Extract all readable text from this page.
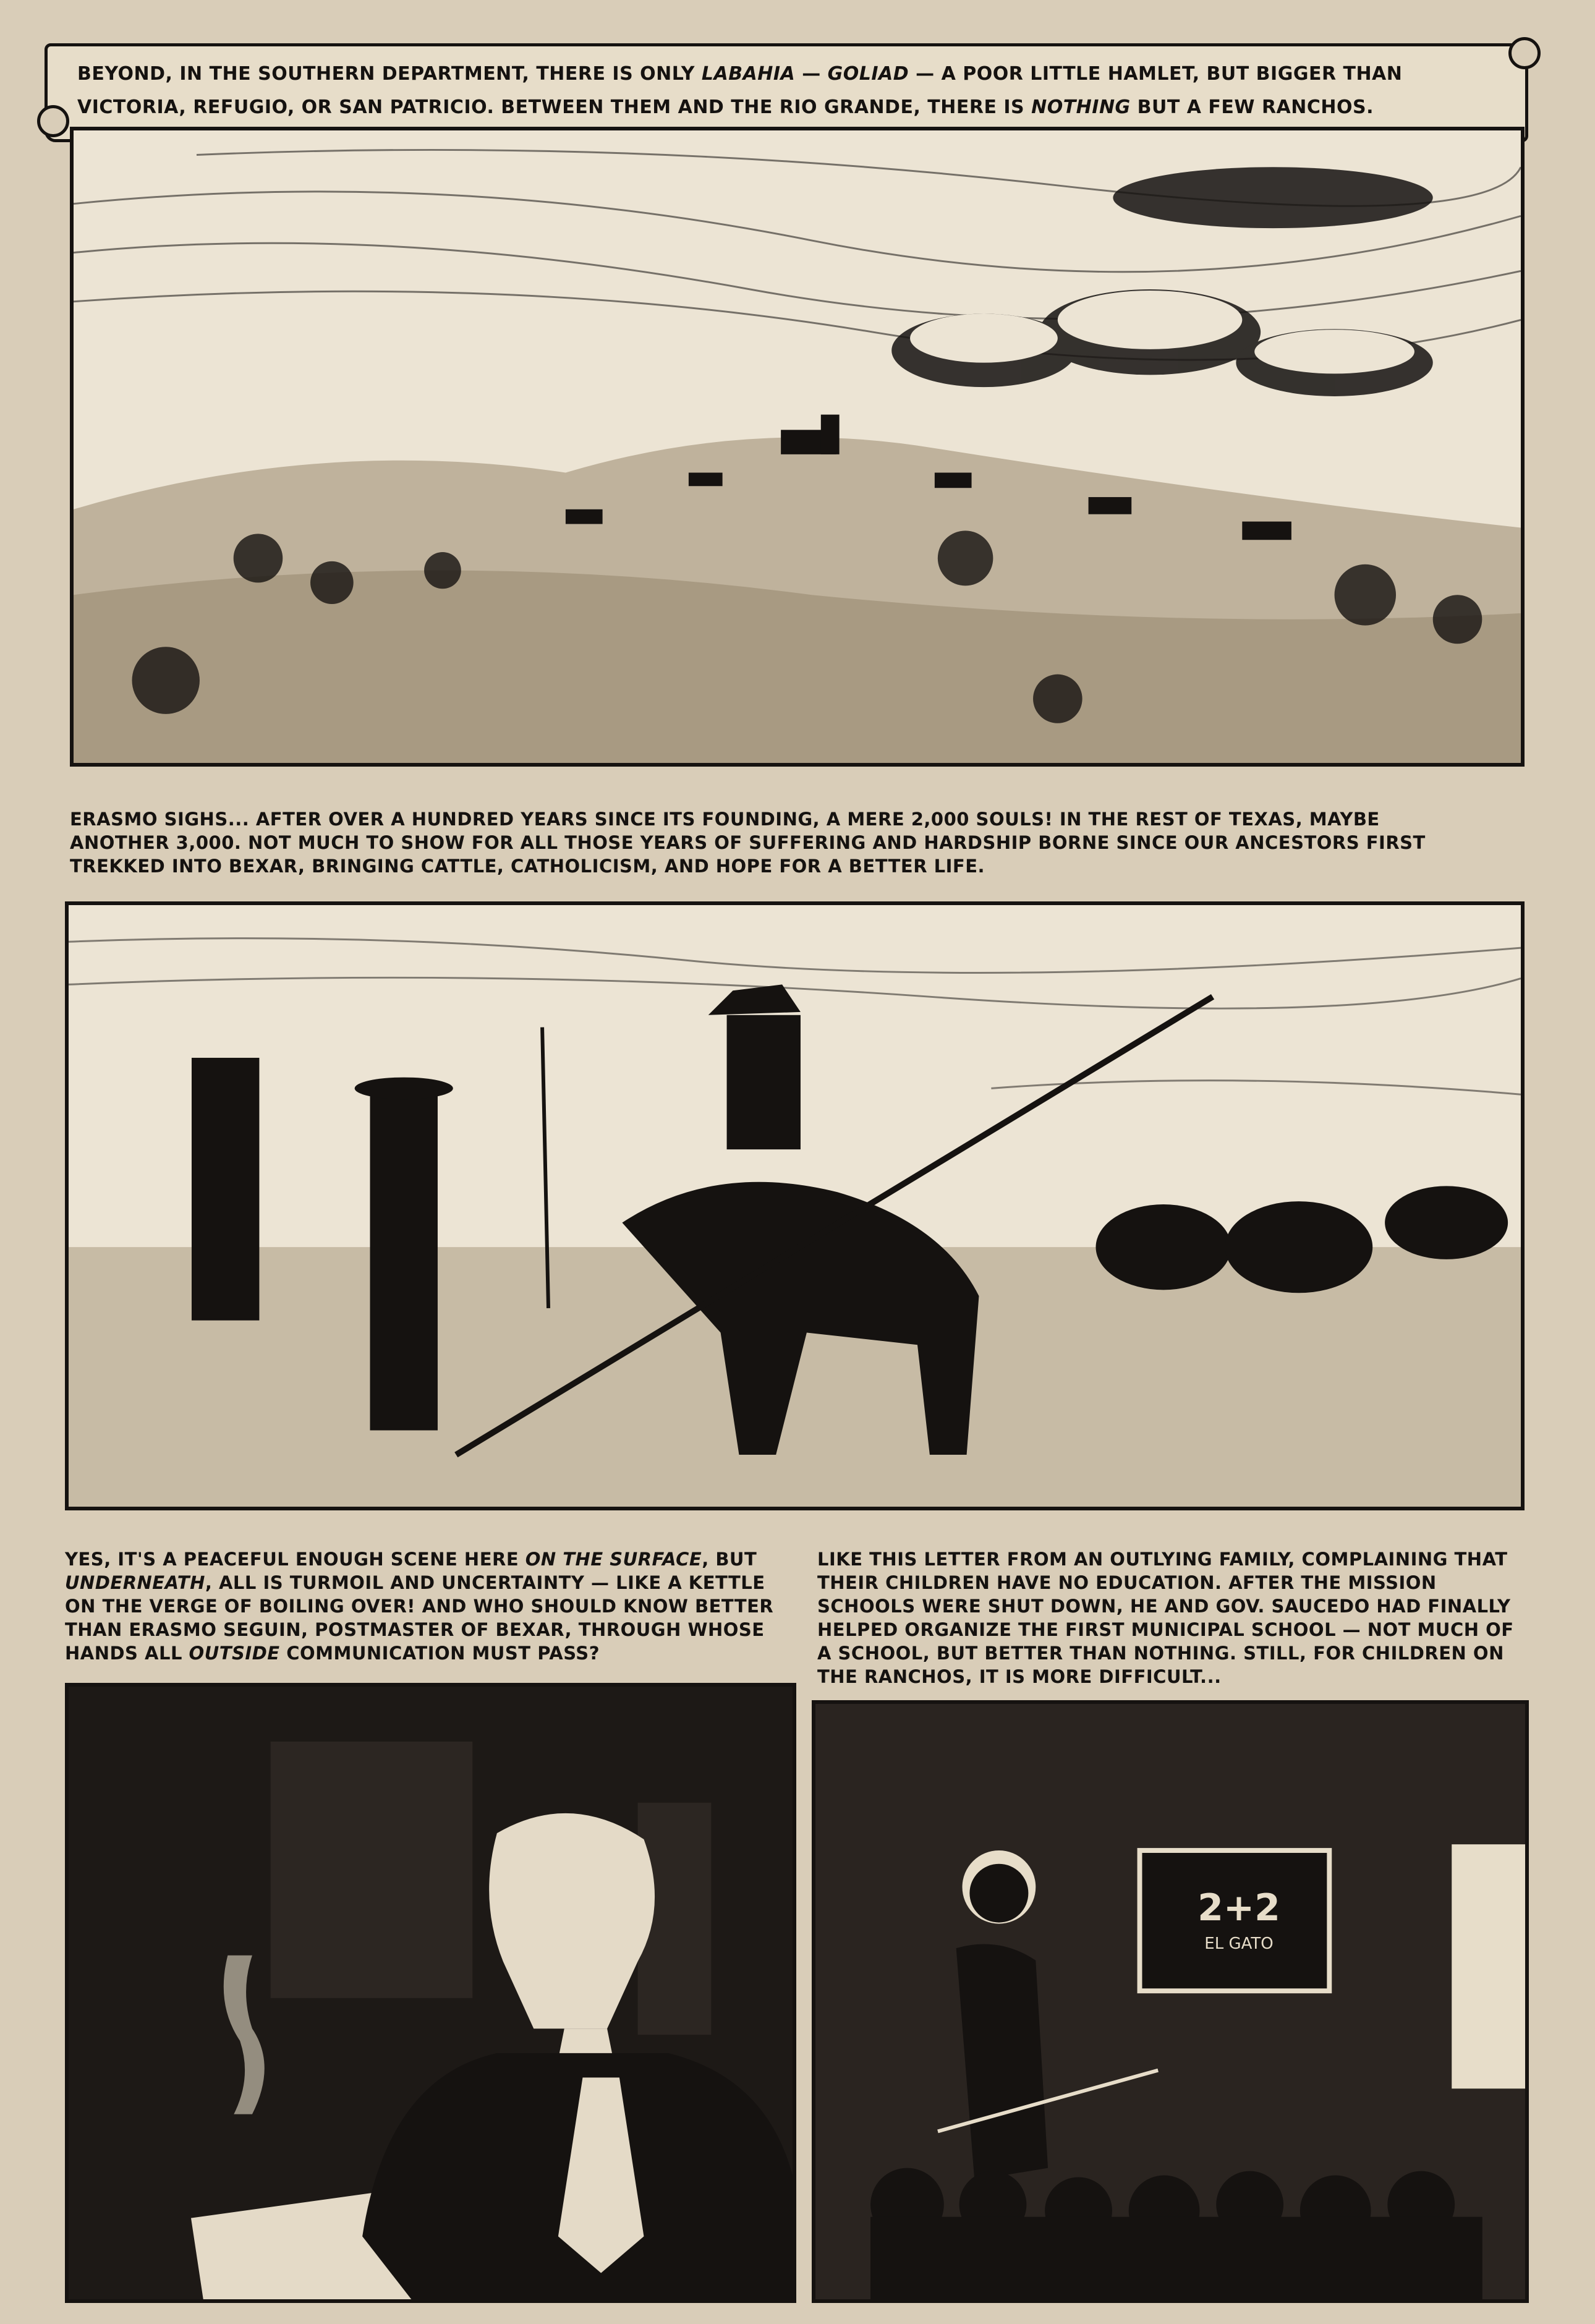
BEYOND, IN THE SOUTHERN DEPARTMENT, THERE IS ONLY LABAHIA — GOLIAD — A POOR LITTLE HAMLET, BUT BIGGER THAN VICTORIA, REFUGIO, OR SAN PATRICIO. BETWEEN THEM AND THE RIO GRANDE, THERE IS NOTHING BUT A FEW RANCHOS.

ERASMO SIGHS... AFTER OVER A HUNDRED YEARS SINCE ITS FOUNDING, A MERE 2,000 SOULS! IN THE REST OF TEXAS, MAYBE ANOTHER 3,000. NOT MUCH TO SHOW FOR ALL THOSE YEARS OF SUFFERING AND HARDSHIP BORNE SINCE OUR ANCESTORS FIRST TREKKED INTO BEXAR, BRINGING CATTLE, CATHOLICISM, AND HOPE FOR A BETTER LIFE.

YES, IT'S A PEACEFUL ENOUGH SCENE HERE ON THE SURFACE, BUT UNDERNEATH, ALL IS TURMOIL AND UNCERTAINTY — LIKE A KETTLE ON THE VERGE OF BOILING OVER! AND WHO SHOULD KNOW BETTER THAN ERASMO SEGUIN, POSTMASTER OF BEXAR, THROUGH WHOSE HANDS ALL OUTSIDE COMMUNICATION MUST PASS?

LIKE THIS LETTER FROM AN OUTLYING FAMILY, COMPLAINING THAT THEIR CHILDREN HAVE NO EDUCATION. AFTER THE MISSION SCHOOLS WERE SHUT DOWN, HE AND GOV. SAUCEDO HAD FINALLY HELPED ORGANIZE THE FIRST MUNICIPAL SCHOOL — NOT MUCH OF A SCHOOL, BUT BETTER THAN NOTHING. STILL, FOR CHILDREN ON THE RANCHOS, IT IS MORE DIFFICULT...

2+2
EL GATO
